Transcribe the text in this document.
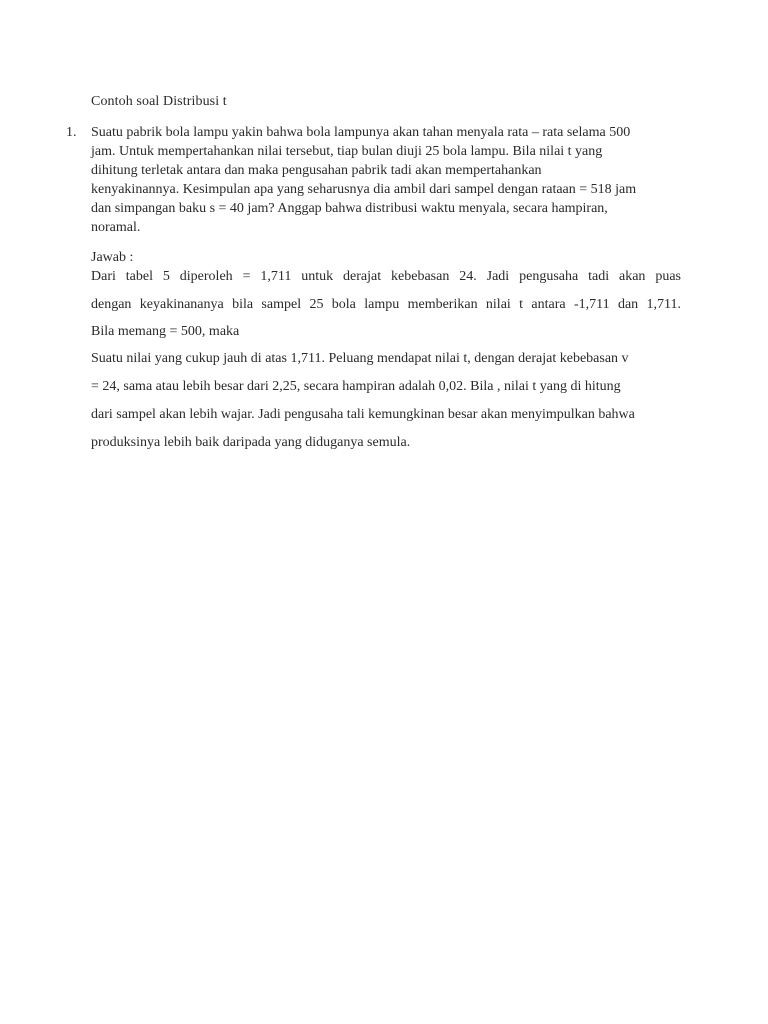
Contoh soal Distribusi t
1. Suatu pabrik bola lampu yakin bahwa bola lampunya akan tahan menyala rata – rata selama 500

jam. Untuk mempertahankan nilai tersebut, tiap bulan diuji 25 bola lampu. Bila nilai t yang

dihitung terletak antara dan maka pengusahan pabrik tadi akan mempertahankan

kenyakinannya. Kesimpulan apa yang seharusnya dia ambil dari sampel dengan rataan = 518 jam

dan simpangan baku s = 40 jam? Anggap bahwa distribusi waktu menyala, secara hampiran,

noramal.

Jawab :

Dari tabel 5 diperoleh = 1,711 untuk derajat kebebasan 24. Jadi pengusaha tadi akan puas

dengan keyakinananya bila sampel 25 bola lampu memberikan nilai t antara -1,711 dan 1,711.

Bila memang = 500, maka

Suatu nilai yang cukup jauh di atas 1,711. Peluang mendapat nilai t, dengan derajat kebebasan v

= 24, sama atau lebih besar dari 2,25, secara hampiran adalah 0,02. Bila , nilai t yang di hitung

dari sampel akan lebih wajar. Jadi pengusaha tali kemungkinan besar akan menyimpulkan bahwa

produksinya lebih baik daripada yang diduganya semula.
